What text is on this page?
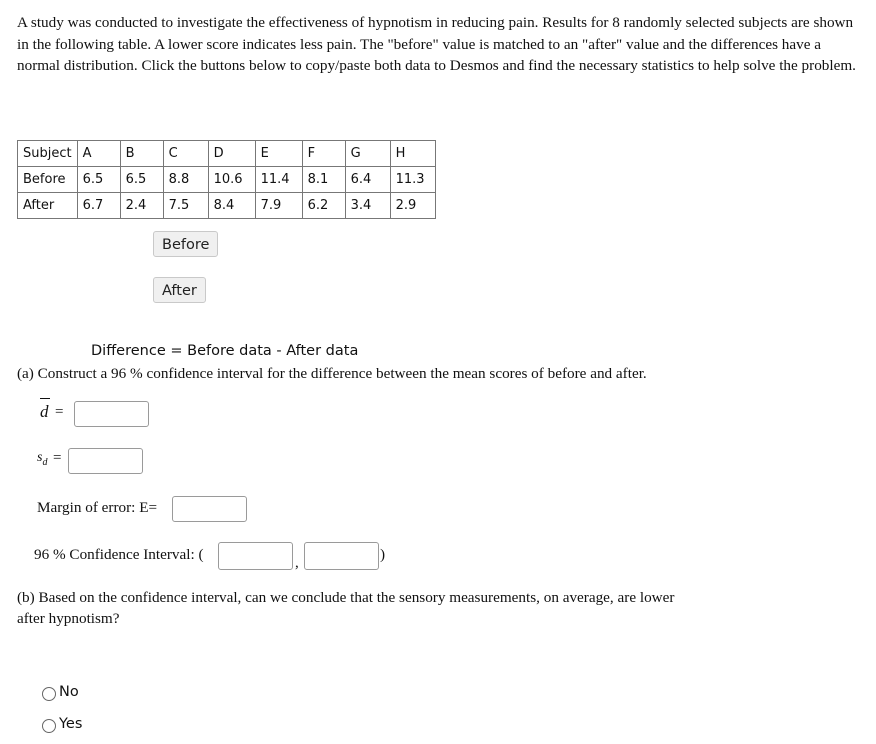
A study was conducted to investigate the effectiveness of hypnotism in reducing pain. Results for 8 randomly selected subjects are shown in the following table. A lower score indicates less pain. The "before" value is matched to an "after" value and the differences have a normal distribution. Click the buttons below to copy/paste both data to Desmos and find the necessary statistics to help solve the problem.

Subject	A	B	C	D	E	F	G	H
Before	6.5	6.5	8.8	10.6	11.4	8.1	6.4	11.3
After	6.7	2.4	7.5	8.4	7.9	6.2	3.4	2.9
Before
After
Difference = Before data - After data
(a) Construct a 96 % confidence interval for the difference between the mean scores of before and after.
d =
$s_d$ =
Margin of error: E=
96 % Confidence Interval: (	,	)
(b) Based on the confidence interval, can we conclude that the sensory measurements, on average, are lower
after hypnotism?
No
Yes
